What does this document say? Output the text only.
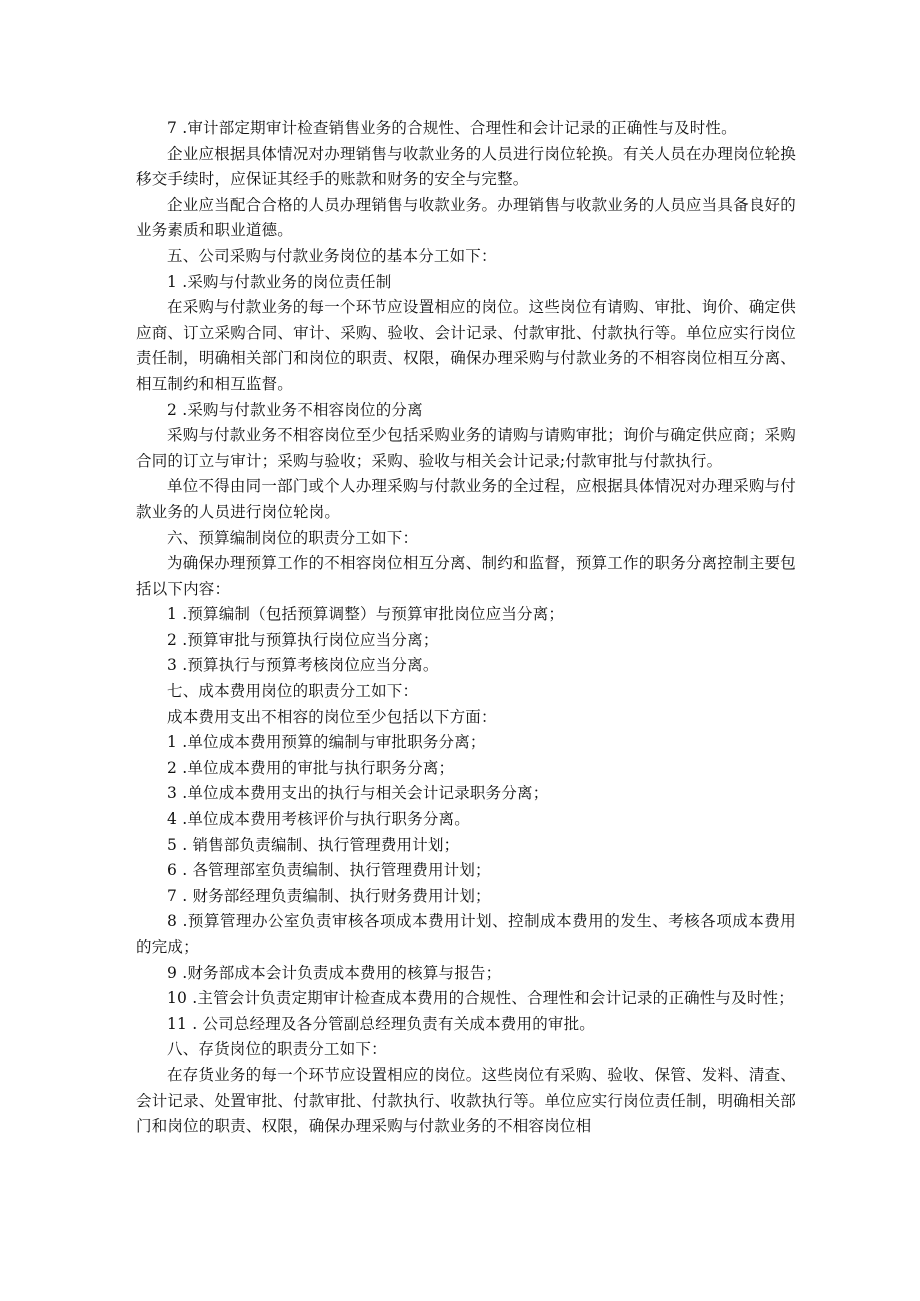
7 .审计部定期审计检查销售业务的合规性、合理性和会计记录的正确性与及时性。

企业应根据具体情况对办理销售与收款业务的人员进行岗位轮换。有关人员在办理岗位轮换移交手续时，应保证其经手的账款和财务的安全与完整。

企业应当配合合格的人员办理销售与收款业务。办理销售与收款业务的人员应当具备良好的业务素质和职业道德。

五、公司采购与付款业务岗位的基本分工如下：

1 .采购与付款业务的岗位责任制

在采购与付款业务的每一个环节应设置相应的岗位。这些岗位有请购、审批、询价、确定供应商、订立采购合同、审计、采购、验收、会计记录、付款审批、付款执行等。单位应实行岗位责任制，明确相关部门和岗位的职责、权限，确保办理采购与付款业务的不相容岗位相互分离、相互制约和相互监督。

2 .采购与付款业务不相容岗位的分离

采购与付款业务不相容岗位至少包括采购业务的请购与请购审批；询价与确定供应商；采购合同的订立与审计；采购与验收；采购、验收与相关会计记录;付款审批与付款执行。

单位不得由同一部门或个人办理采购与付款业务的全过程，应根据具体情况对办理采购与付款业务的人员进行岗位轮岗。

六、预算编制岗位的职责分工如下：

为确保办理预算工作的不相容岗位相互分离、制约和监督，预算工作的职务分离控制主要包括以下内容：

1 .预算编制（包括预算调整）与预算审批岗位应当分离；

2 .预算审批与预算执行岗位应当分离；

3 .预算执行与预算考核岗位应当分离。

七、成本费用岗位的职责分工如下：

成本费用支出不相容的岗位至少包括以下方面：

1 .单位成本费用预算的编制与审批职务分离；

2 .单位成本费用的审批与执行职务分离；

3 .单位成本费用支出的执行与相关会计记录职务分离；

4 .单位成本费用考核评价与执行职务分离。

5 . 销售部负责编制、执行管理费用计划；

6 . 各管理部室负责编制、执行管理费用计划；

7 . 财务部经理负责编制、执行财务费用计划；

8 .预算管理办公室负责审核各项成本费用计划、控制成本费用的发生、考核各项成本费用的完成；

9 .财务部成本会计负责成本费用的核算与报告；

10 .主管会计负责定期审计检查成本费用的合规性、合理性和会计记录的正确性与及时性；

11 . 公司总经理及各分管副总经理负责有关成本费用的审批。

八、存货岗位的职责分工如下：

在存货业务的每一个环节应设置相应的岗位。这些岗位有采购、验收、保管、发料、清查、会计记录、处置审批、付款审批、付款执行、收款执行等。单位应实行岗位责任制，明确相关部门和岗位的职责、权限，确保办理采购与付款业务的不相容岗位相
